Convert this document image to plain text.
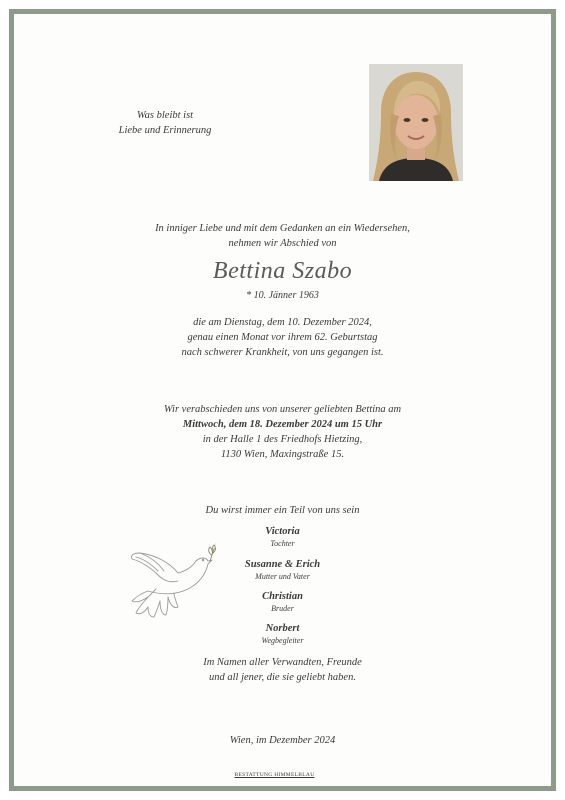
Was bleibt ist
Liebe und Erinnerung
In inniger Liebe und mit dem Gedanken an ein Wiedersehen,
nehmen wir Abschied von
Bettina Szabo
* 10. Jänner 1963
die am Dienstag, dem 10. Dezember 2024,
genau einen Monat vor ihrem 62. Geburtstag
nach schwerer Krankheit, von uns gegangen ist.
Wir verabschieden uns von unserer geliebten Bettina am
Mittwoch, dem 18. Dezember 2024 um 15 Uhr
in der Halle 1 des Friedhofs Hietzing,
1130 Wien, Maxingstraße 15.
Du wirst immer ein Teil von uns sein
Victoria
Tochter
Susanne & Erich
Mutter und Vater
Christian
Bruder
Norbert
Wegbegleiter
Im Namen aller Verwandten, Freunde
und all jener, die sie geliebt haben.
Wien, im Dezember 2024
BESTATTUNG HIMMELBLAU
